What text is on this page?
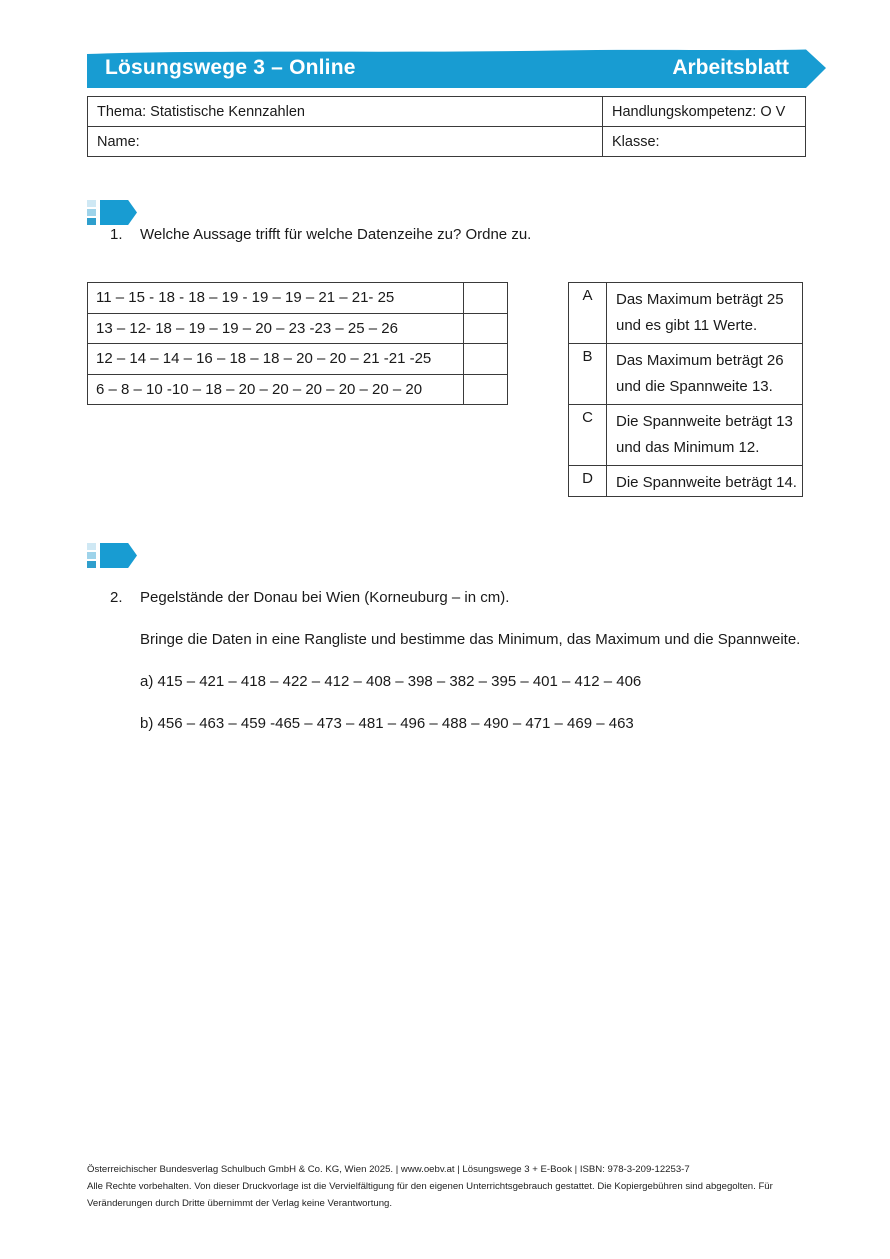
Lösungswege 3 – Online	Arbeitsblatt
Thema: Statistische Kennzahlen	Handlungskompetenz: O V
Name:	Klasse:
1. Welche Aussage trifft für welche Datenzeihe zu? Ordne zu.
11 – 15 - 18 - 18 – 19 - 19 – 19 – 21 – 21- 25	
13 – 12- 18 – 19 – 19 – 20 – 23 -23 – 25 – 26	
12 – 14 – 14 – 16 – 18 – 18 – 20 – 20 – 21 -21 -25	
6 – 8 – 10 -10 – 18 – 20 – 20 – 20 – 20 – 20 – 20	
A	Das Maximum beträgt 25
und es gibt 11 Werte.

B	Das Maximum beträgt 26
und die Spannweite 13.

C	Die Spannweite beträgt 13
und das Minimum 12.

D	Die Spannweite beträgt 14.
2. Pegelstände der Donau bei Wien (Korneuburg – in cm).
Bringe die Daten in eine Rangliste und bestimme das Minimum, das Maximum und die Spannweite.
a) 415 – 421 – 418 – 422 – 412 – 408 – 398 – 382 – 395 – 401 – 412 – 406
b) 456 – 463 – 459 -465 – 473 – 481 – 496 – 488 – 490 – 471 – 469 – 463
Österreichischer Bundesverlag Schulbuch GmbH & Co. KG, Wien 2025. | www.oebv.at | Lösungswege 3 + E-Book | ISBN: 978-3-209-12253-7
Alle Rechte vorbehalten. Von dieser Druckvorlage ist die Vervielfältigung für den eigenen Unterrichtsgebrauch gestattet. Die Kopiergebühren sind abgegolten. Für
Veränderungen durch Dritte übernimmt der Verlag keine Verantwortung.
